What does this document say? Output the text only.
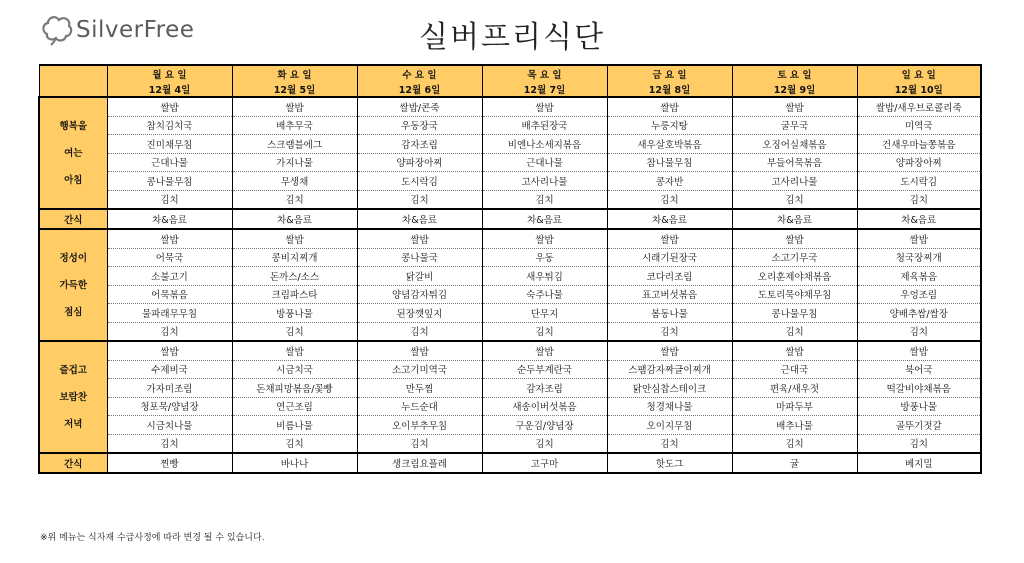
SilverFree	실버프리식단
	월 요 일	화 요 일	수 요 일	목 요 일	금 요 일	토 요 일	일 요 일
	12월 4일	12월 5일	12월 6일	12월 7일	12월 8일	12월 9일	12월 10일

행복을
여는
아침	쌀밥	쌀밥	쌀밥/콘죽	쌀밥	쌀밥	쌀밥	쌀밥/새우브로콜리죽
	참치김치국	배추무국	우동장국	배추된장국	누룽지탕	굴무국	미역국
	진미채무침	스크램블에그	감자조림	비엔나소세지볶음	새우살호박볶음	오징어실채볶음	건새우마늘쫑볶음
	근대나물	가지나물	양파장아찌	근대나물	참나물무침	부들어묵볶음	양파장아찌
	콩나물무침	무생채	도시락김	고사리나물	콩자반	고사리나물	도시락김
	김치	김치	김치	김치	김치	김치	김치
간식	차&음료	차&음료	차&음료	차&음료	차&음료	차&음료	차&음료

정성이
가득한
점심	쌀밥	쌀밥	쌀밥	쌀밥	쌀밥	쌀밥	쌀밥
	어묵국	콩비지찌개	콩나물국	우동	시래기된장국	소고기무국	청국장찌개
	소불고기	돈까스/소스	닭갈비	새우튀김	코다리조림	오리훈제야채볶음	제육볶음
	어묵볶음	크림파스타	양념감자튀김	숙주나물	표고버섯볶음	도토리묵야채무침	우엉조림
	물파래무무침	방풍나물	된장깻잎지	단무지	봄동나물	콩나물무침	양배추쌈/쌈장
	김치	김치	김치	김치	김치	김치	김치

즐겁고
보람찬
저녁	쌀밥	쌀밥	쌀밥	쌀밥	쌀밥	쌀밥	쌀밥
	수제비국	시금치국	소고기미역국	순두부계란국	스팸감자짜글이찌개	근대국	북어국
	가자미조림	돈채피망볶음/꽃빵	만두찜	감자조림	닭안심찹스테이크	편육/새우젓	떡갈비야채볶음
	청포묵/양념장	연근조림	누드순대	새송이버섯볶음	청경채나물	마파두부	방풍나물
	시금치나물	비름나물	오이부추무침	구운김/양념장	오이지무침	배추나물	골뚜기젓갈
	김치	김치	김치	김치	김치	김치	김치
간식	찐빵	바나나	생크림요플레	고구마	핫도그	귤	베지밀
※위 메뉴는 식자재 수급사정에 따라 변경 될 수 있습니다.
